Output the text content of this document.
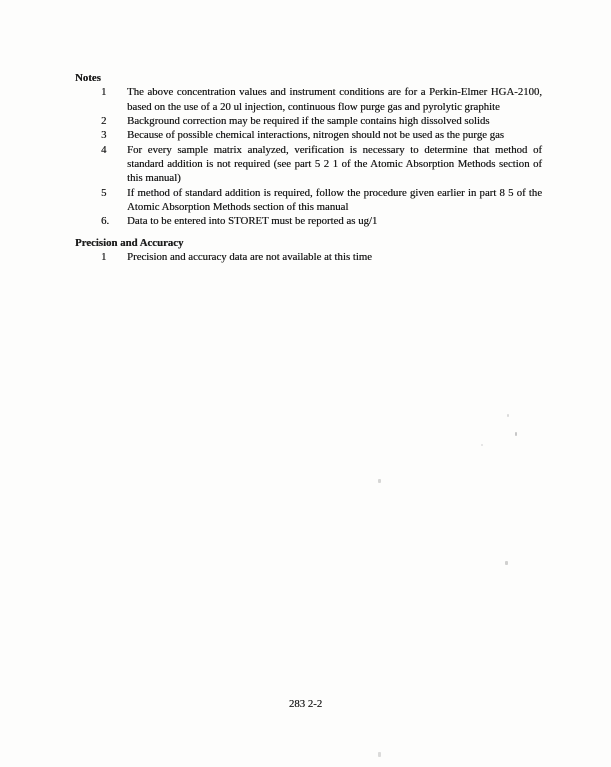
Notes
1	The above concentration values and instrument conditions are for a Perkin-Elmer HGA-2100, based on the use of a 20 ul injection, continuous flow purge gas and pyrolytic graphite
2	Background correction may be required if the sample contains high dissolved solids
3	Because of possible chemical interactions, nitrogen should not be used as the purge gas
4	For every sample matrix analyzed, verification is necessary to determine that method of standard addition is not required (see part 5 2 1 of the Atomic Absorption Methods section of this manual)
5	If method of standard addition is required, follow the procedure given earlier in part 8 5 of the Atomic Absorption Methods section of this manual
6.	Data to be entered into STORET must be reported as ug/1
Precision and Accuracy
1	Precision and accuracy data are not available at this time
283 2-2
